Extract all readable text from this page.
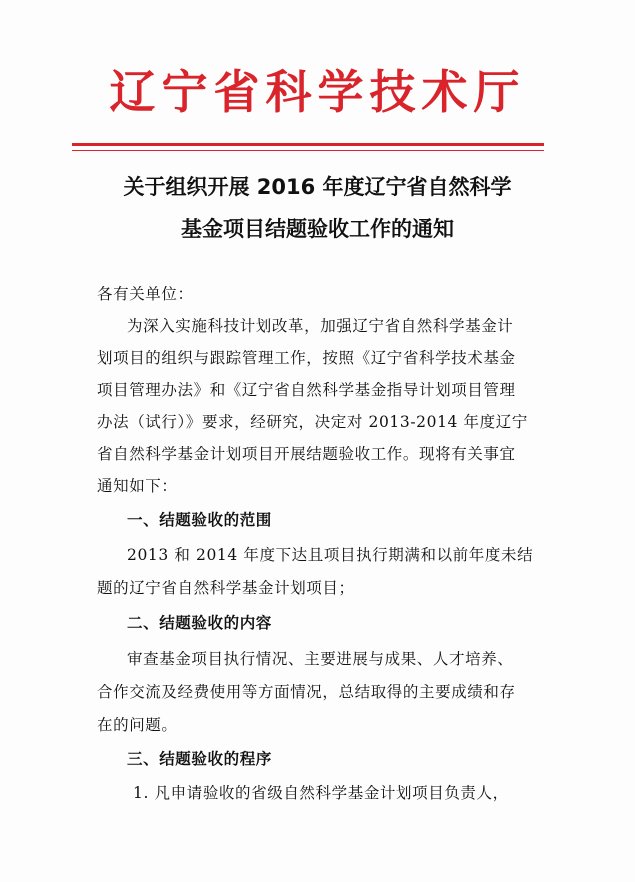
辽宁省科学技术厅
关于组织开展 2016 年度辽宁省自然科学
基金项目结题验收工作的通知
各有关单位：
为深入实施科技计划改革，加强辽宁省自然科学基金计
划项目的组织与跟踪管理工作，按照《辽宁省科学技术基金
项目管理办法》和《辽宁省自然科学基金指导计划项目管理
办法（试行）》要求，经研究，决定对 2013-2014 年度辽宁
省自然科学基金计划项目开展结题验收工作。现将有关事宜
通知如下：
一、结题验收的范围
2013 和 2014 年度下达且项目执行期满和以前年度未结
题的辽宁省自然科学基金计划项目；
二、结题验收的内容
审查基金项目执行情况、主要进展与成果、人才培养、
合作交流及经费使用等方面情况，总结取得的主要成绩和存
在的问题。
三、结题验收的程序
1. 凡申请验收的省级自然科学基金计划项目负责人，
